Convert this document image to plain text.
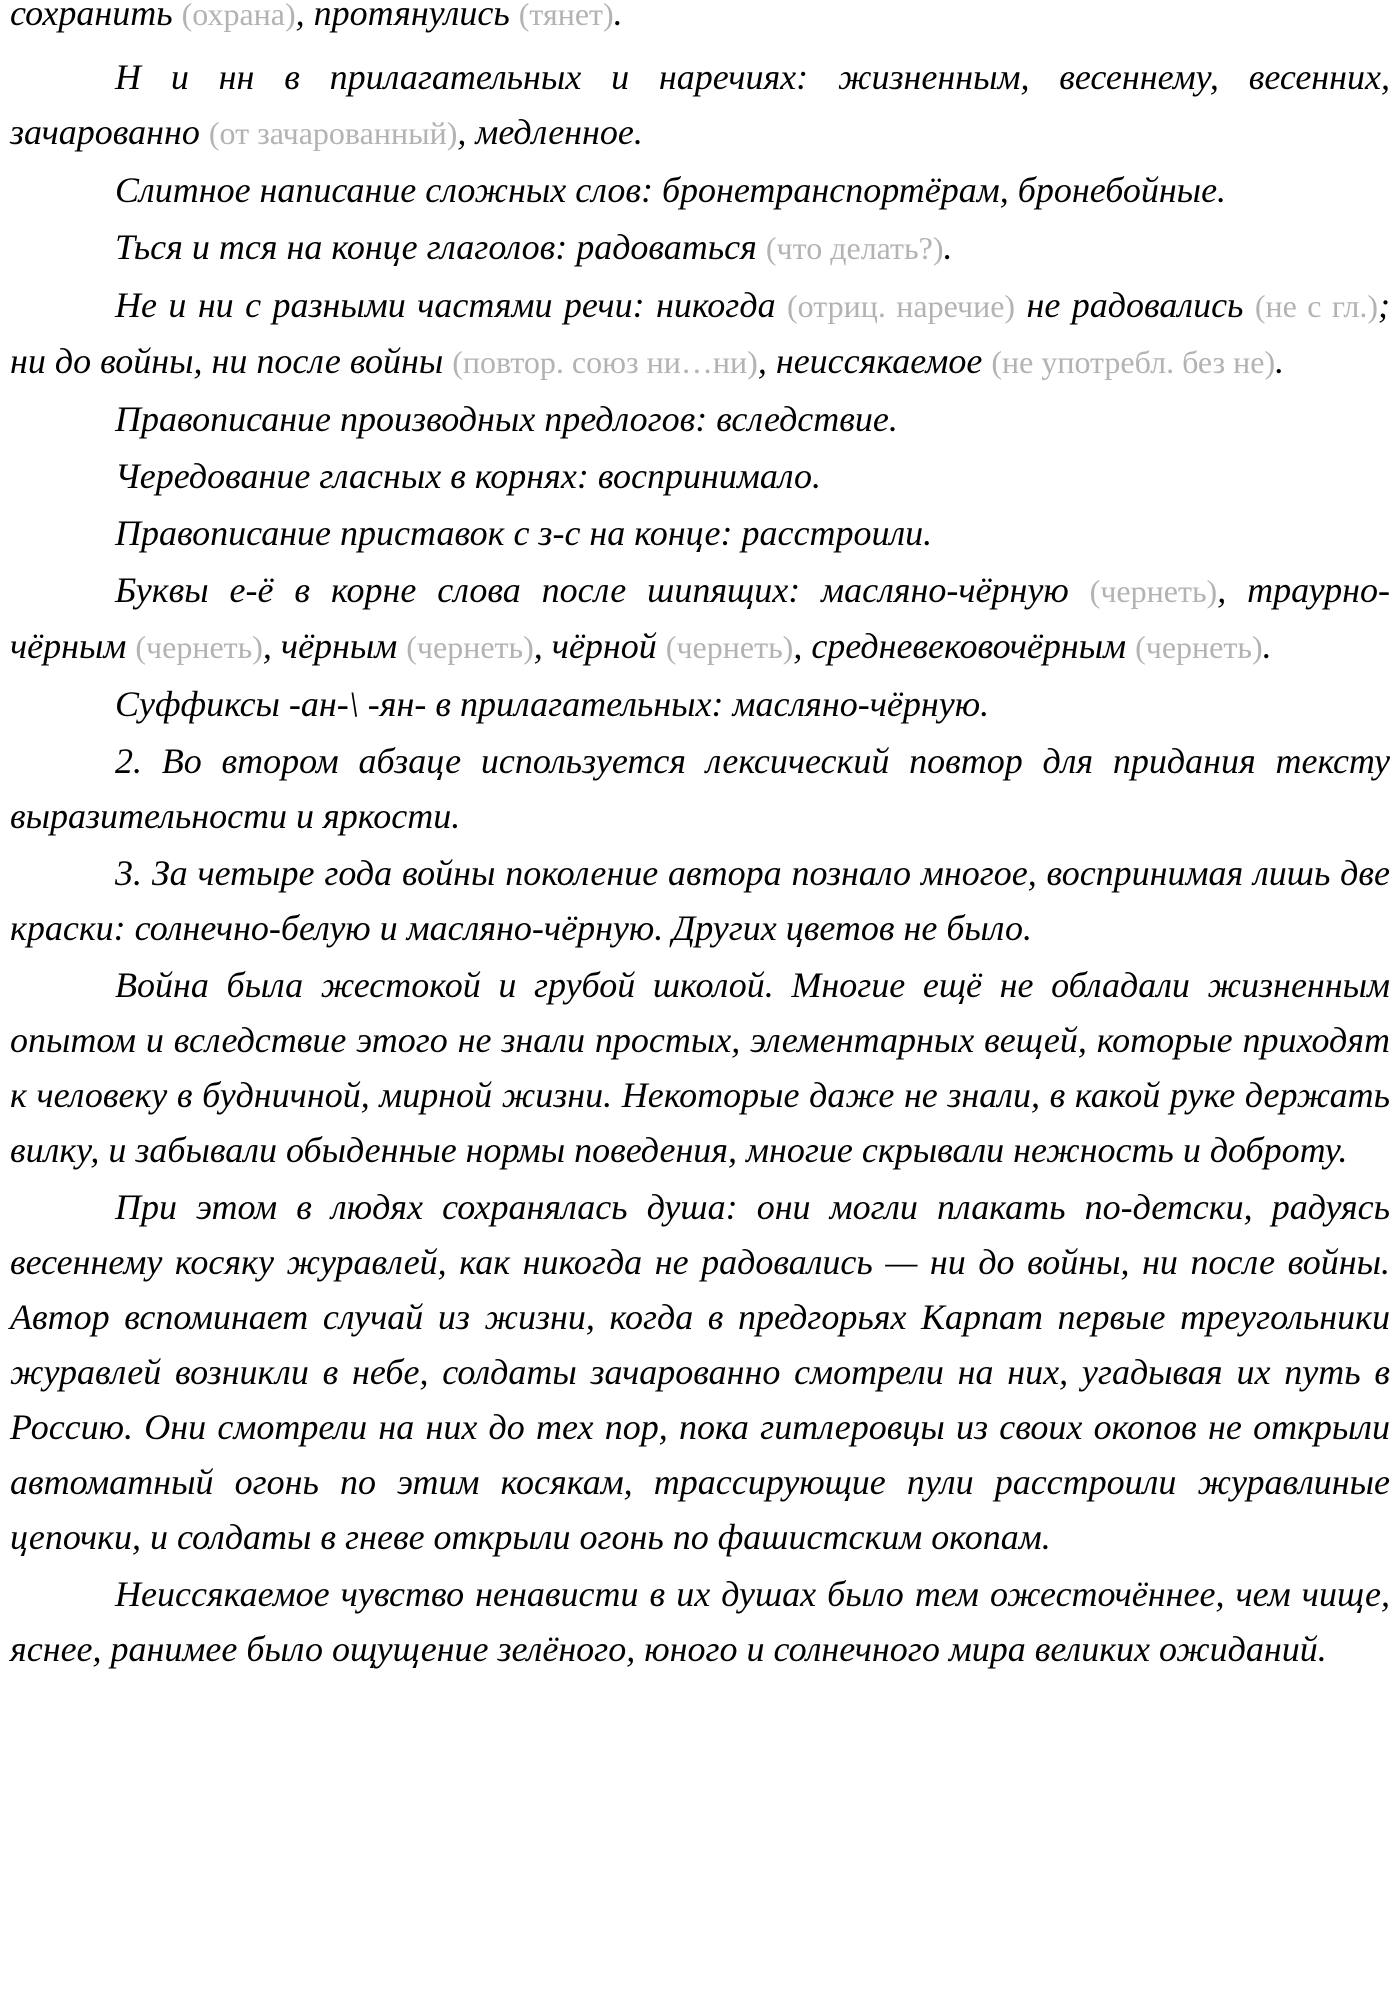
сохранить (охрана), протянулись (тянет).

Н и нн в прилагательных и наречиях: жизненным, весеннему, весенних, зачарованно (от зачарованный), медленное.

Слитное написание сложных слов: бронетранспортёрам, бронебойные.

Ться и тся на конце глаголов: радоваться (что делать?).

Не и ни с разными частями речи: никогда (отриц. наречие) не радовались (не с гл.); ни до войны, ни после войны (повтор. союз ни…ни), неиссякаемое (не употребл. без не).

Правописание производных предлогов: вследствие.

Чередование гласных в корнях: воспринимало.

Правописание приставок с з-с на конце: расстроили.

Буквы е-ё в корне слова после шипящих: масляно-чёрную (чернеть), траурно-чёрным (чернеть), чёрным (чернеть), чёрной (чернеть), средневековочёрным (чернеть).

Суффиксы -ан-\ -ян- в прилагательных: масляно-чёрную.

2. Во втором абзаце используется лексический повтор для придания тексту выразительности и яркости.

3. За четыре года войны поколение автора познало многое, воспринимая лишь две краски: солнечно-белую и масляно-чёрную. Других цветов не было.

Война была жестокой и грубой школой. Многие ещё не обладали жизненным опытом и вследствие этого не знали простых, элементарных вещей, которые приходят к человеку в будничной, мирной жизни. Некоторые даже не знали, в какой руке держать вилку, и забывали обыденные нормы поведения, многие скрывали нежность и доброту.

При этом в людях сохранялась душа: они могли плакать по-детски, радуясь весеннему косяку журавлей, как никогда не радовались — ни до войны, ни после войны. Автор вспоминает случай из жизни, когда в предгорьях Карпат первые треугольники журавлей возникли в небе, солдаты зачарованно смотрели на них, угадывая их путь в Россию. Они смотрели на них до тех пор, пока гитлеровцы из своих окопов не открыли автоматный огонь по этим косякам, трассирующие пули расстроили журавлиные цепочки, и солдаты в гневе открыли огонь по фашистским окопам.

Неиссякаемое чувство ненависти в их душах было тем ожесточённее, чем чище, яснее, ранимее было ощущение зелёного, юного и солнечного мира великих ожиданий.
